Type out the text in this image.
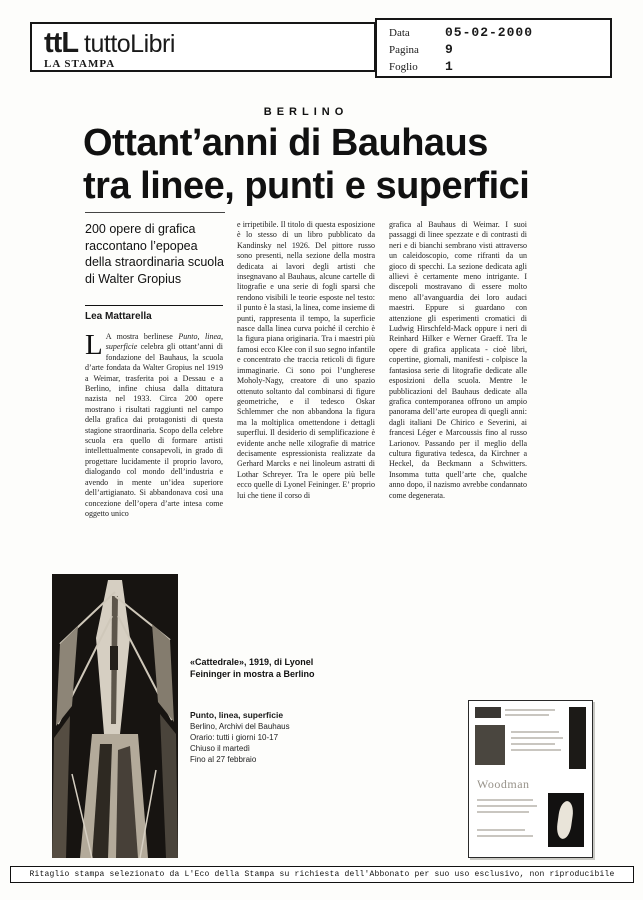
ttL tuttoLibri
LA STAMPA
Data	05-02-2000
Pagina	9
Foglio	1
BERLINO
Ottant’anni di Bauhaus
tra linee, punti e superfici
200 opere di grafica raccontano l’epopea della straordinaria scuola di Walter Gropius
Lea Mattarella

L A mostra berlinese Punto, linea, superficie celebra gli ottant’anni di fondazione del Bauhaus, la scuola d’arte fondata da Walter Gropius nel 1919 a Weimar, trasferita poi a Dessau e a Berlino, infine chiusa dalla dittatura nazista nel 1933. Circa 200 opere mostrano i risultati raggiunti nel campo della grafica dai protagonisti di questa stagione straordinaria. Scopo della celebre scuola era quello di formare artisti intellettualmente consapevoli, in grado di progettare lucidamente il proprio lavoro, dialogando col mondo dell’industria e avendo in mente un’idea superiore dell’artigianato. Si abbandonava così una concezione dell’opera d’arte intesa come oggetto unico

e irripetibile. Il titolo di questa esposizione è lo stesso di un libro pubblicato da Kandinsky nel 1926. Del pittore russo sono presenti, nella sezione della mostra dedicata ai lavori degli artisti che insegnavano al Bauhaus, alcune cartelle di litografie e una serie di fogli sparsi che rendono visibili le teorie esposte nel testo: il punto è la stasi, la linea, come insieme di punti, rappresenta il tempo, la superficie nasce dalla linea curva poiché il cerchio è la figura piana originaria. Tra i maestri più famosi ecco Klee con il suo segno infantile e concentrato che traccia reticoli di figure immaginarie. Ci sono poi l’ungherese Moholy-Nagy, creatore di uno spazio ottenuto soltanto dal combinarsi di figure geometriche, e il tedesco Oskar Schlemmer che non abbandona la figura ma la moltiplica omettendone i dettagli superflui. Il desiderio di semplificazione è evidente anche nelle xilografie di matrice decisamente espressionista realizzate da Gerhard Marcks e nei linoleum astratti di Lothar Schreyer. Tra le opere più belle ecco quelle di Lyonel Feininger. E’ proprio lui che tiene il corso di

grafica al Bauhaus di Weimar. I suoi passaggi di linee spezzate e di contrasti di neri e di bianchi sembrano visti attraverso un caleidoscopio, come rifranti da un gioco di specchi. La sezione dedicata agli allievi è certamente meno intrigante. I discepoli mostravano di essere molto meno all’avanguardia dei loro audaci maestri. Eppure si guardano con attenzione gli esperimenti cromatici di Ludwig Hirschfeld-Mack oppure i neri di Reinhard Hilker e Werner Graeff. Tra le opere di grafica applicata - cioè libri, copertine, giornali, manifesti - colpisce la fantasiosa serie di litografie dedicate alle esposizioni della scuola. Mentre le pubblicazioni del Bauhaus dedicate alla grafica contemporanea offrono un ampio panorama dell’arte europea di quegli anni: dagli italiani De Chirico e Severini, ai francesi Léger e Marcoussis fino al russo Larionov. Passando per il meglio della cultura figurativa tedesca, da Kirchner a Heckel, da Beckmann a Schwitters. Insomma tutta quell’arte che, qualche anno dopo, il nazismo avrebbe condannato come degenerata.

«Cattedrale», 1919, di Lyonel Feininger in mostra a Berlino
Punto, linea, superficie
Berlino, Archivi del Bauhaus
Orario: tutti i giorni 10-17
Chiuso il martedì
Fino al 27 febbraio
Woodman
Ritaglio stampa selezionato da L'Eco della Stampa su richiesta dell'Abbonato per suo uso esclusivo, non riproducibile
